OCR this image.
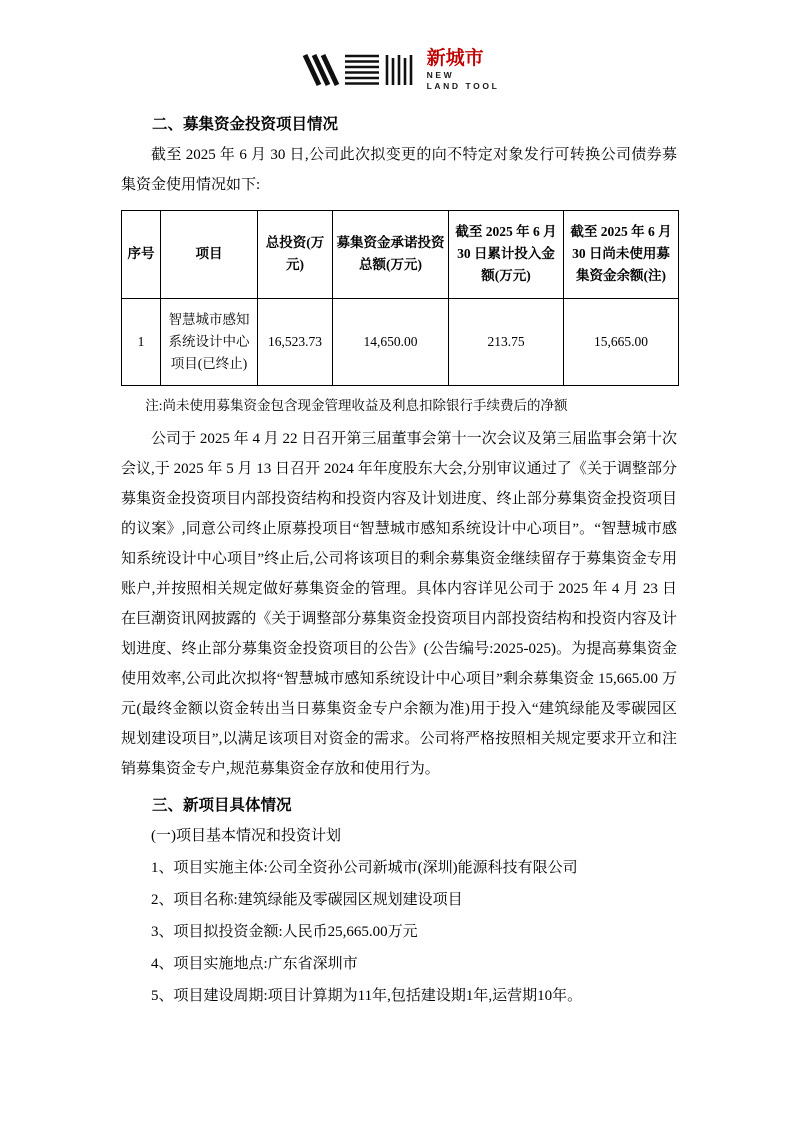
新城市
NEW
LAND TOOL
二、募集资金投资项目情况

截至 2025 年 6 月 30 日,公司此次拟变更的向不特定对象发行可转换公司债券募集资金使用情况如下:

序号	项目	总投资(万元)	募集资金承诺投资总额(万元)	截至 2025 年 6 月 30 日累计投入金额(万元)	截至 2025 年 6 月 30 日尚未使用募集资金余额(注)
1	智慧城市感知系统设计中心项目(已终止)	16,523.73	14,650.00	213.75	15,665.00

注:尚未使用募集资金包含现金管理收益及利息扣除银行手续费后的净额

公司于 2025 年 4 月 22 日召开第三届董事会第十一次会议及第三届监事会第十次会议,于 2025 年 5 月 13 日召开 2024 年年度股东大会,分别审议通过了《关于调整部分募集资金投资项目内部投资结构和投资内容及计划进度、终止部分募集资金投资项目的议案》,同意公司终止原募投项目“智慧城市感知系统设计中心项目”。“智慧城市感知系统设计中心项目”终止后,公司将该项目的剩余募集资金继续留存于募集资金专用账户,并按照相关规定做好募集资金的管理。具体内容详见公司于 2025 年 4 月 23 日在巨潮资讯网披露的《关于调整部分募集资金投资项目内部投资结构和投资内容及计划进度、终止部分募集资金投资项目的公告》(公告编号:2025-025)。为提高募集资金使用效率,公司此次拟将“智慧城市感知系统设计中心项目”剩余募集资金 15,665.00 万元(最终金额以资金转出当日募集资金专户余额为准)用于投入“建筑绿能及零碳园区规划建设项目”,以满足该项目对资金的需求。公司将严格按照相关规定要求开立和注销募集资金专户,规范募集资金存放和使用行为。

三、新项目具体情况

(一)项目基本情况和投资计划

1、项目实施主体:公司全资孙公司新城市(深圳)能源科技有限公司

2、项目名称:建筑绿能及零碳园区规划建设项目

3、项目拟投资金额:人民币25,665.00万元

4、项目实施地点:广东省深圳市

5、项目建设周期:项目计算期为11年,包括建设期1年,运营期10年。
